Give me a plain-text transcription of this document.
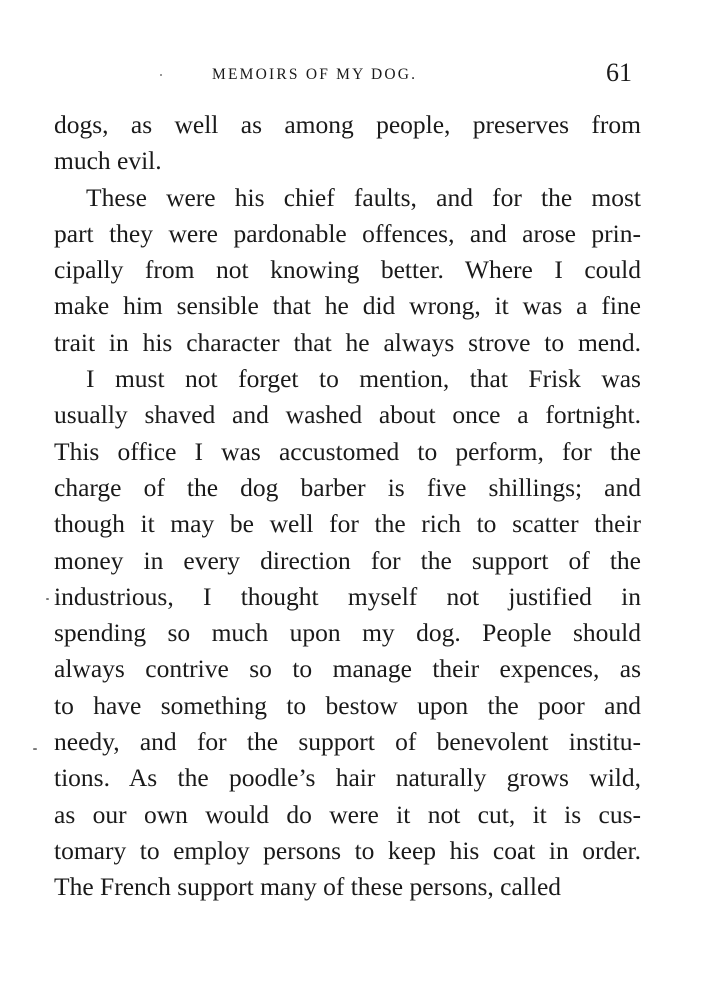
MEMOIRS OF MY DOG.	61
dogs, as well as among people, preserves from
much evil.
These were his chief faults, and for the most
part they were pardonable offences, and arose prin-
cipally from not knowing better. Where I could
make him sensible that he did wrong, it was a fine
trait in his character that he always strove to mend.
I must not forget to mention, that Frisk was
usually shaved and washed about once a fortnight.
This office I was accustomed to perform, for the
charge of the dog barber is five shillings; and
though it may be well for the rich to scatter their
money in every direction for the support of the
industrious, I thought myself not justified in
spending so much upon my dog. People should
always contrive so to manage their expences, as
to have something to bestow upon the poor and
needy, and for the support of benevolent institu-
tions. As the poodle’s hair naturally grows wild,
as our own would do were it not cut, it is cus-
tomary to employ persons to keep his coat in order.
The French support many of these persons, called
